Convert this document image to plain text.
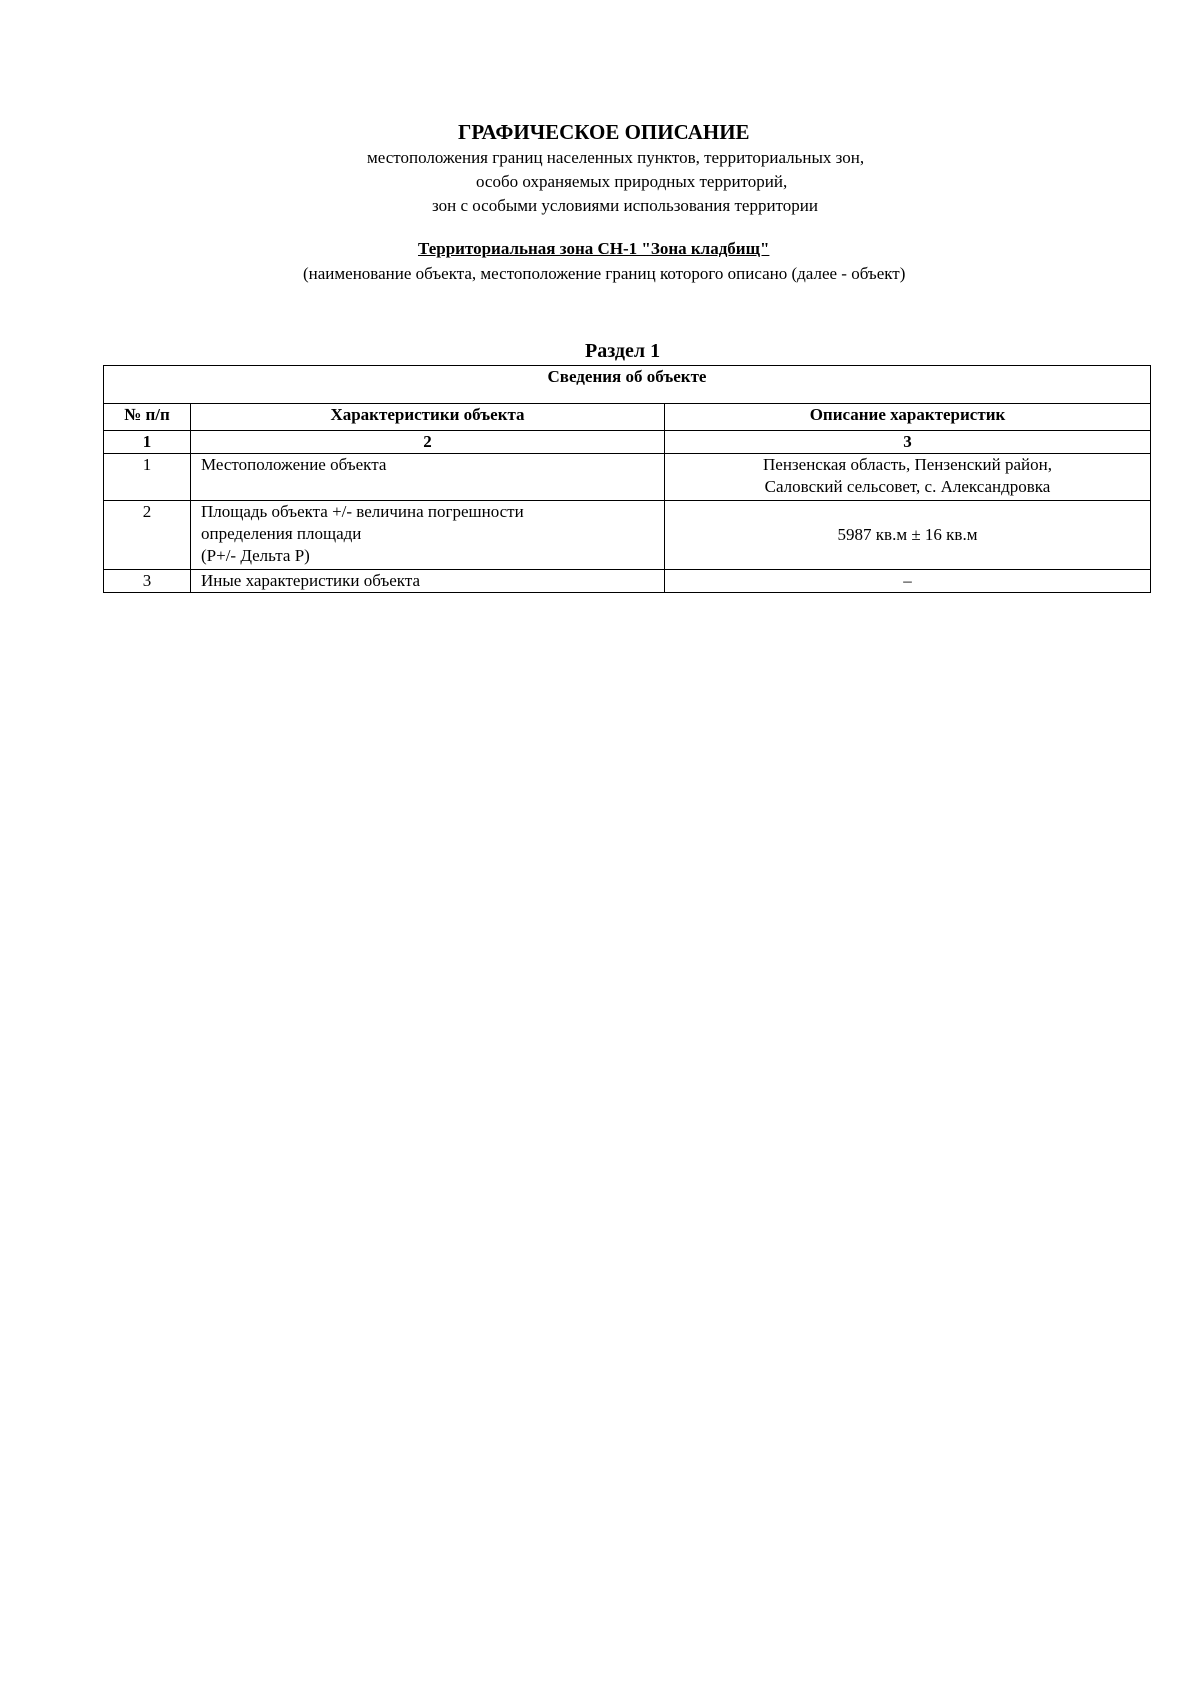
ГРАФИЧЕСКОЕ ОПИСАНИЕ
местоположения границ населенных пунктов, территориальных зон,
особо охраняемых природных территорий,
зон с особыми условиями использования территории
Территориальная зона СН-1 "Зона кладбищ"
(наименование объекта, местоположение границ которого описано (далее - объект)
Раздел 1
Сведения об объекте		
№ п/п	Характеристики объекта	Описание характеристик
1	2	3
1	Местоположение объекта	Пензенская область, Пензенский район,
Саловский сельсовет, с. Александровка

2	Площадь объекта +/- величина погрешности
определения площади
(Р+/- Дельта Р)	5987 кв.м ± 16 кв.м

3	Иные характеристики объекта	–
